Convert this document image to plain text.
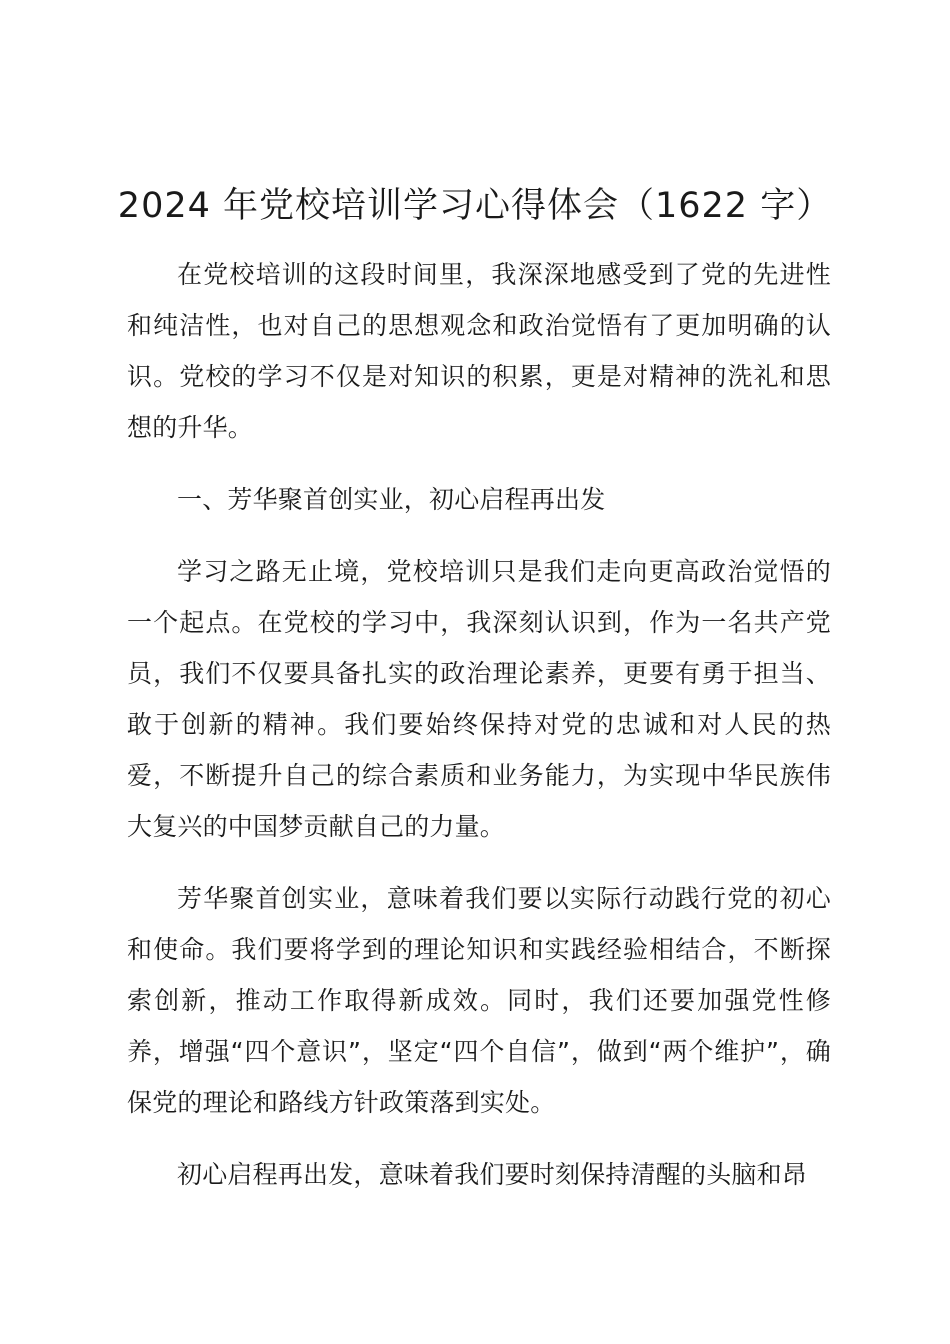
2024 年党校培训学习心得体会（1622 字）

在党校培训的这段时间里，我深深地感受到了党的先进性和纯洁性，也对自己的思想观念和政治觉悟有了更加明确的认识。党校的学习不仅是对知识的积累，更是对精神的洗礼和思想的升华。

一、芳华聚首创实业，初心启程再出发

学习之路无止境，党校培训只是我们走向更高政治觉悟的一个起点。在党校的学习中，我深刻认识到，作为一名共产党员，我们不仅要具备扎实的政治理论素养，更要有勇于担当、敢于创新的精神。我们要始终保持对党的忠诚和对人民的热爱，不断提升自己的综合素质和业务能力，为实现中华民族伟大复兴的中国梦贡献自己的力量。

芳华聚首创实业，意味着我们要以实际行动践行党的初心和使命。我们要将学到的理论知识和实践经验相结合，不断探索创新，推动工作取得新成效。同时，我们还要加强党性修养，增强“四个意识”，坚定“四个自信”，做到“两个维护”，确保党的理论和路线方针政策落到实处。

初心启程再出发，意味着我们要时刻保持清醒的头脑和昂
